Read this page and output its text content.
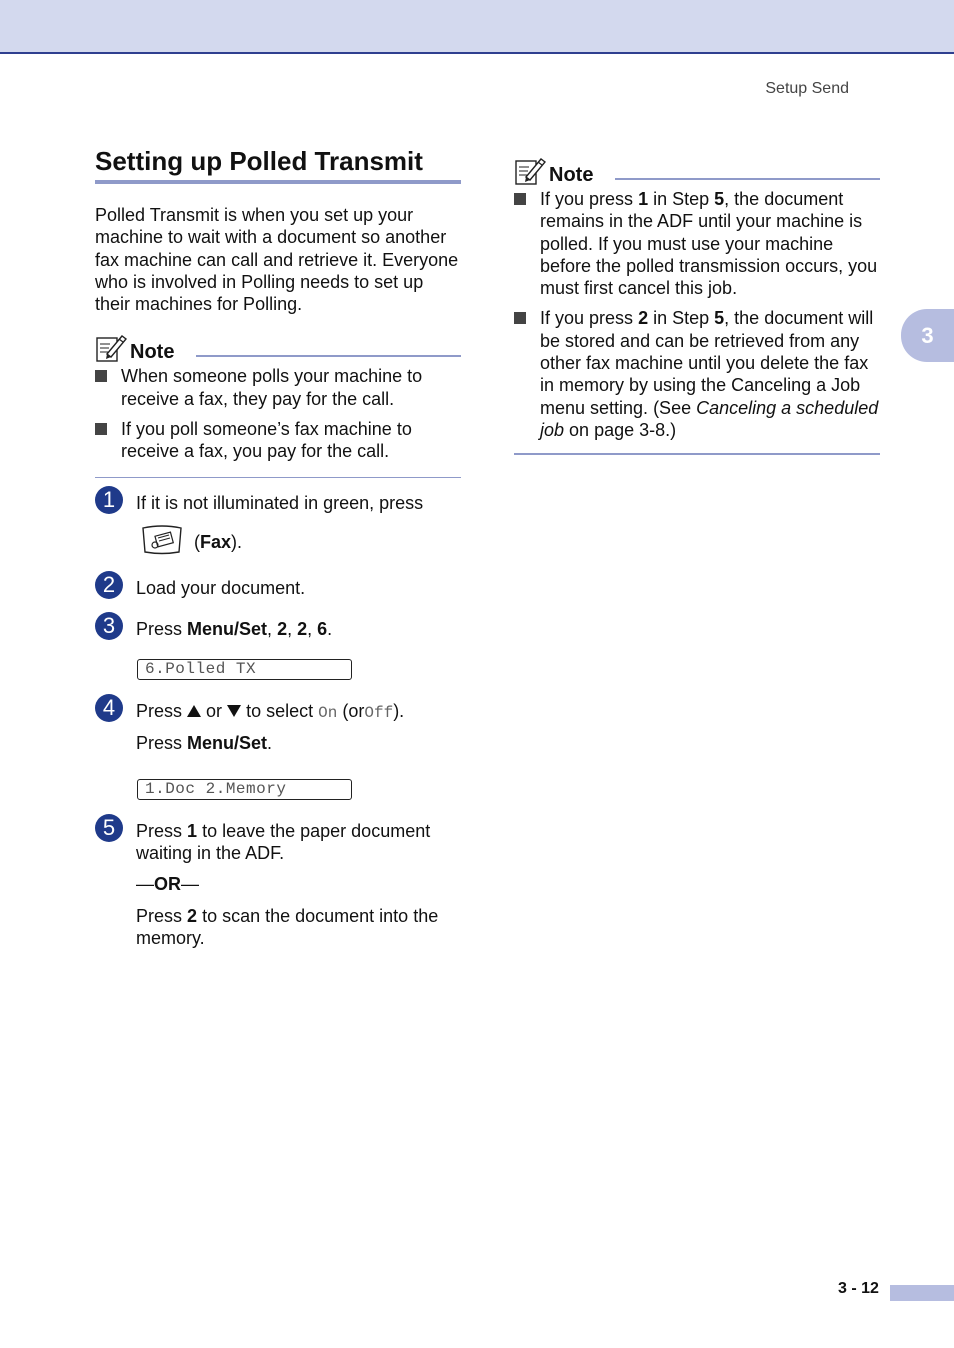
Setup Send
3
Setting up Polled Transmit

Polled Transmit is when you set up your machine to wait with a document so another fax machine can call and retrieve it. Everyone who is involved in Polling needs to set up their machines for Polling.

Note
When someone polls your machine to receive a fax, they pay for the call.
If you poll someone’s fax machine to receive a fax, you pay for the call.
1	If it is not illuminated in green, press
(Fax).
2	Load your document.
3	Press Menu/Set, 2, 2, 6.
6.Polled TX
4	Press or to select On (orOff).
Press Menu/Set.
1.Doc 2.Memory
5	Press 1 to leave the paper document waiting in the ADF.
—OR—
Press 2 to scan the document into the memory.
Note
If you press 1 in Step 5, the document remains in the ADF until your machine is polled. If you must use your machine before the polled transmission occurs, you must first cancel this job.
If you press 2 in Step 5, the document will be stored and can be retrieved from any other fax machine until you delete the fax in memory by using the Canceling a Job menu setting. (See Canceling a scheduled job on page 3-8.)
3 - 12
